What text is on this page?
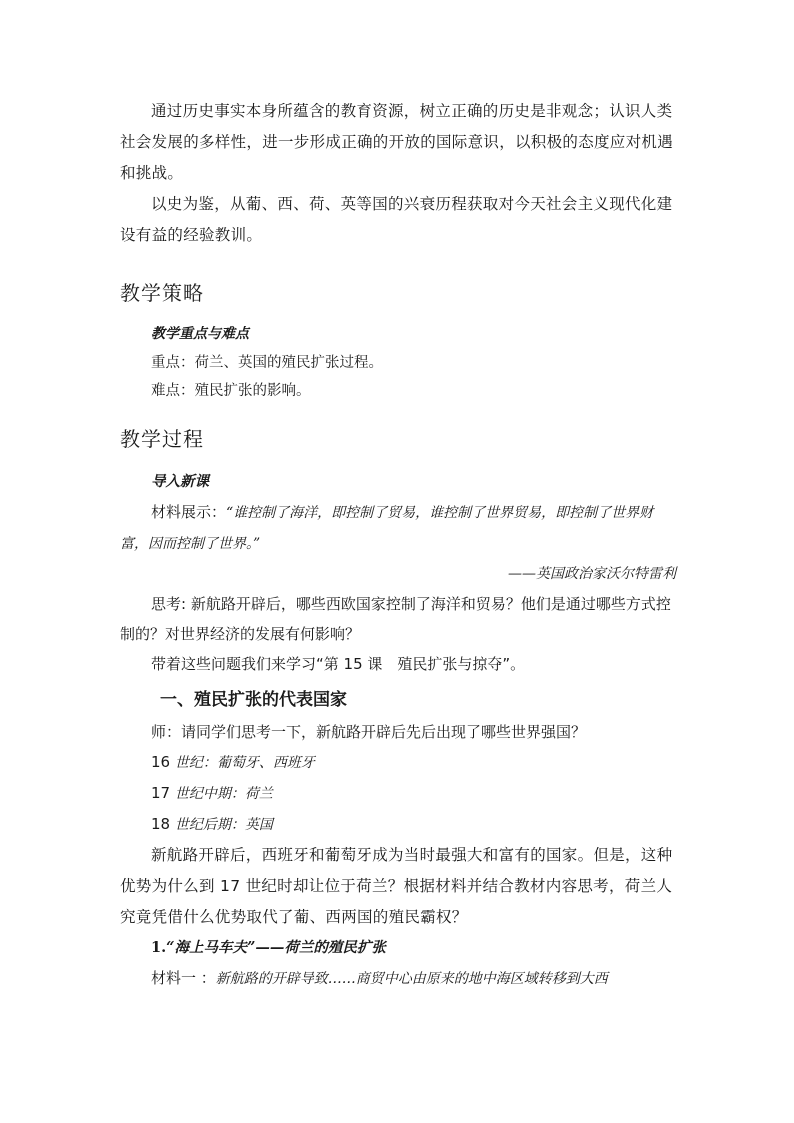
通过历史事实本身所蕴含的教育资源，树立正确的历史是非观念；认识人类社会发展的多样性，进一步形成正确的开放的国际意识，以积极的态度应对机遇和挑战。

以史为鉴，从葡、西、荷、英等国的兴衰历程获取对今天社会主义现代化建设有益的经验教训。

教学策略

教学重点与难点

重点：荷兰、英国的殖民扩张过程。

难点：殖民扩张的影响。

教学过程

导入新课

材料展示：“谁控制了海洋，即控制了贸易，谁控制了世界贸易，即控制了世界财富，因而控制了世界。”

——英国政治家沃尔特雷利

思考: 新航路开辟后，哪些西欧国家控制了海洋和贸易？他们是通过哪些方式控制的？对世界经济的发展有何影响？

带着这些问题我们来学习“第 15 课　殖民扩张与掠夺”。

一、殖民扩张的代表国家

师：请同学们思考一下，新航路开辟后先后出现了哪些世界强国？

16 世纪：葡萄牙、西班牙

17 世纪中期：荷兰

18 世纪后期：英国

新航路开辟后，西班牙和葡萄牙成为当时最强大和富有的国家。但是，这种优势为什么到 17 世纪时却让位于荷兰？根据材料并结合教材内容思考，荷兰人究竟凭借什么优势取代了葡、西两国的殖民霸权？

1.“海上马车夫”——荷兰的殖民扩张

材料一 ：新航路的开辟导致……商贸中心由原来的地中海区域转移到大西
